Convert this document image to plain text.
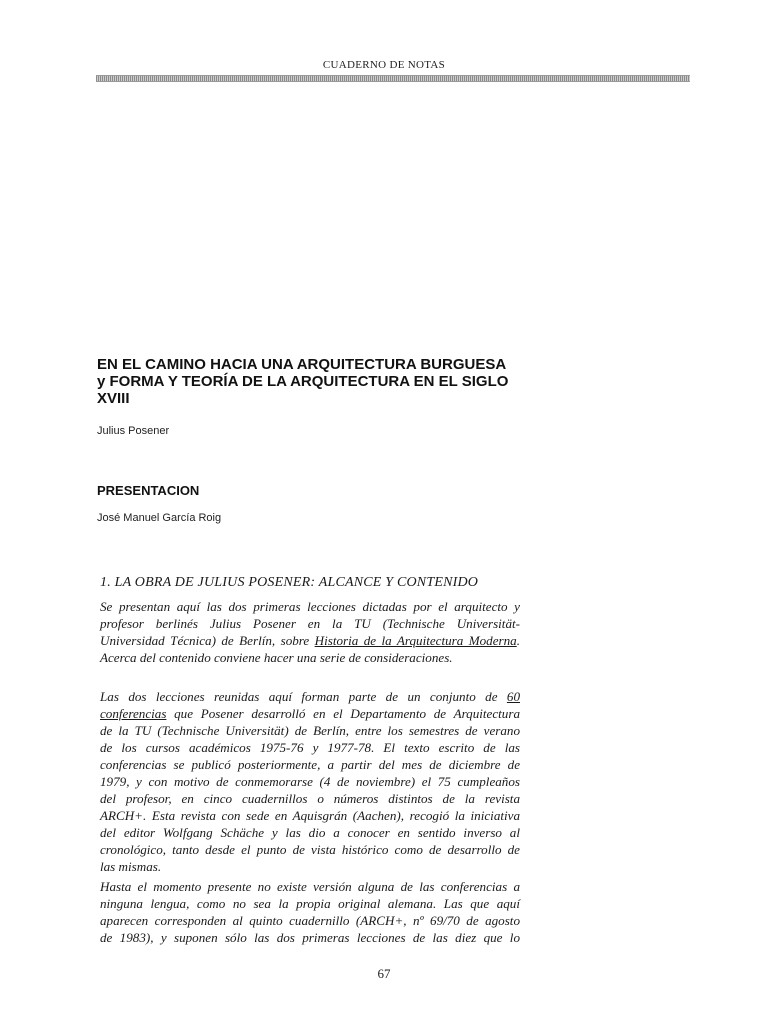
CUADERNO DE NOTAS
EN EL CAMINO HACIA UNA ARQUITECTURA BURGUESA
y FORMA Y TEORÍA DE LA ARQUITECTURA EN EL SIGLO
XVIII
Julius Posener
PRESENTACION
José Manuel García Roig
1. LA OBRA DE JULIUS POSENER: ALCANCE Y CONTENIDO

Se presentan aquí las dos primeras lecciones dictadas por el arquitecto y
profesor berlinés Julius Posener en la TU (Technische Universität-
Universidad Técnica) de Berlín, sobre Historia de la Arquitectura Moderna.
Acerca del contenido conviene hacer una serie de consideraciones.

Las dos lecciones reunidas aquí forman parte de un conjunto de 60
conferencias que Posener desarrolló en el Departamento de Arquitectura
de la TU (Technische Universität) de Berlín, entre los semestres de verano
de los cursos académicos 1975-76 y 1977-78. El texto escrito de las
conferencias se publicó posteriormente, a partir del mes de diciembre de
1979, y con motivo de conmemorarse (4 de noviembre) el 75 cumpleaños
del profesor, en cinco cuadernillos o números distintos de la revista
ARCH+. Esta revista con sede en Aquisgrán (Aachen), recogió la iniciativa
del editor Wolfgang Schäche y las dio a conocer en sentido inverso al
cronológico, tanto desde el punto de vista histórico como de desarrollo de
las mismas.

Hasta el momento presente no existe versión alguna de las conferencias a
ninguna lengua, como no sea la propia original alemana. Las que aquí
aparecen corresponden al quinto cuadernillo (ARCH+, nº 69/70 de agosto
de 1983), y suponen sólo las dos primeras lecciones de las diez que lo

67
